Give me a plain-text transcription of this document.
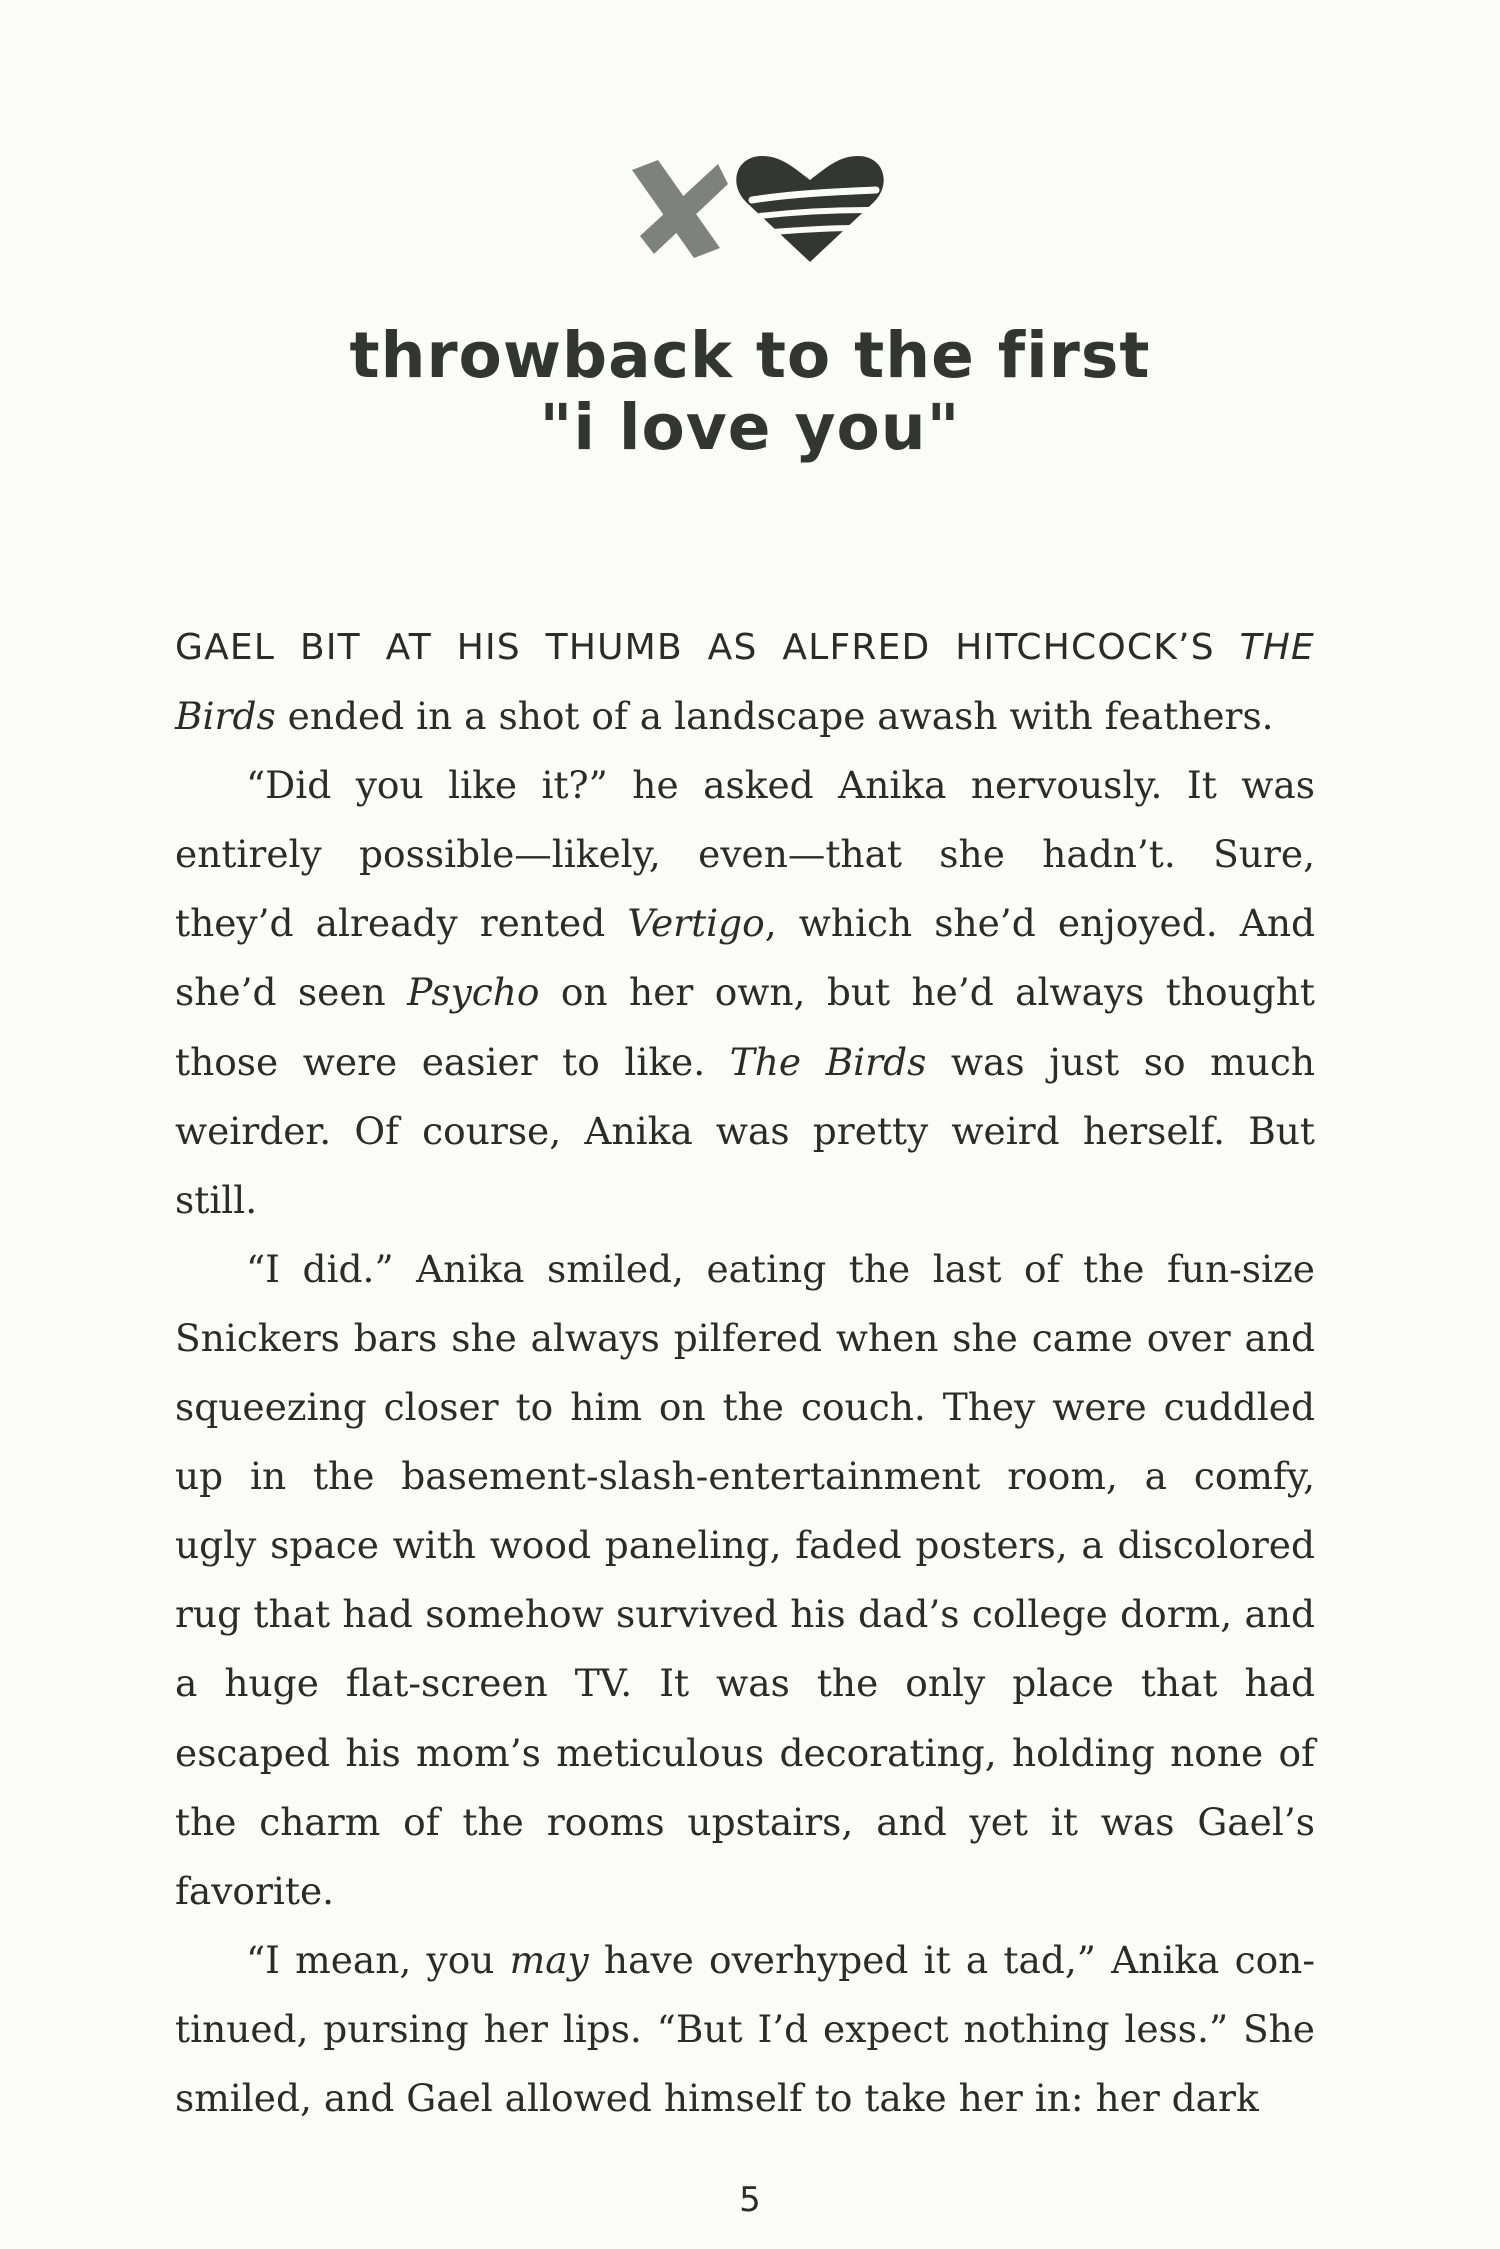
throwback to the first
"i love you"

GAEL BIT AT HIS THUMB AS ALFRED HITCHCOCK’S THE Birds ended in a shot of a landscape awash with feathers.

“Did you like it?” he asked Anika nervously. It was entirely possible—likely, even—that she hadn’t. Sure, they’d already rented Vertigo, which she’d enjoyed. And she’d seen Psycho on her own, but he’d always thought those were easier to like. The Birds was just so much weirder. Of course, Anika was pretty weird herself. But still.

“I did.” Anika smiled, eating the last of the fun-size Snickers bars she always pilfered when she came over and squeezing closer to him on the couch. They were cuddled up in the basement-slash-entertainment room, a comfy, ugly space with wood paneling, faded posters, a discolored rug that had somehow survived his dad’s college dorm, and a huge flat-screen TV. It was the only place that had escaped his mom’s meticulous decorating, holding none of the charm of the rooms upstairs, and yet it was Gael’s favorite.

“I mean, you may have overhyped it a tad,” Anika continued, pursing her lips. “But I’d expect nothing less.” She smiled, and Gael allowed himself to take her in: her dark

5
